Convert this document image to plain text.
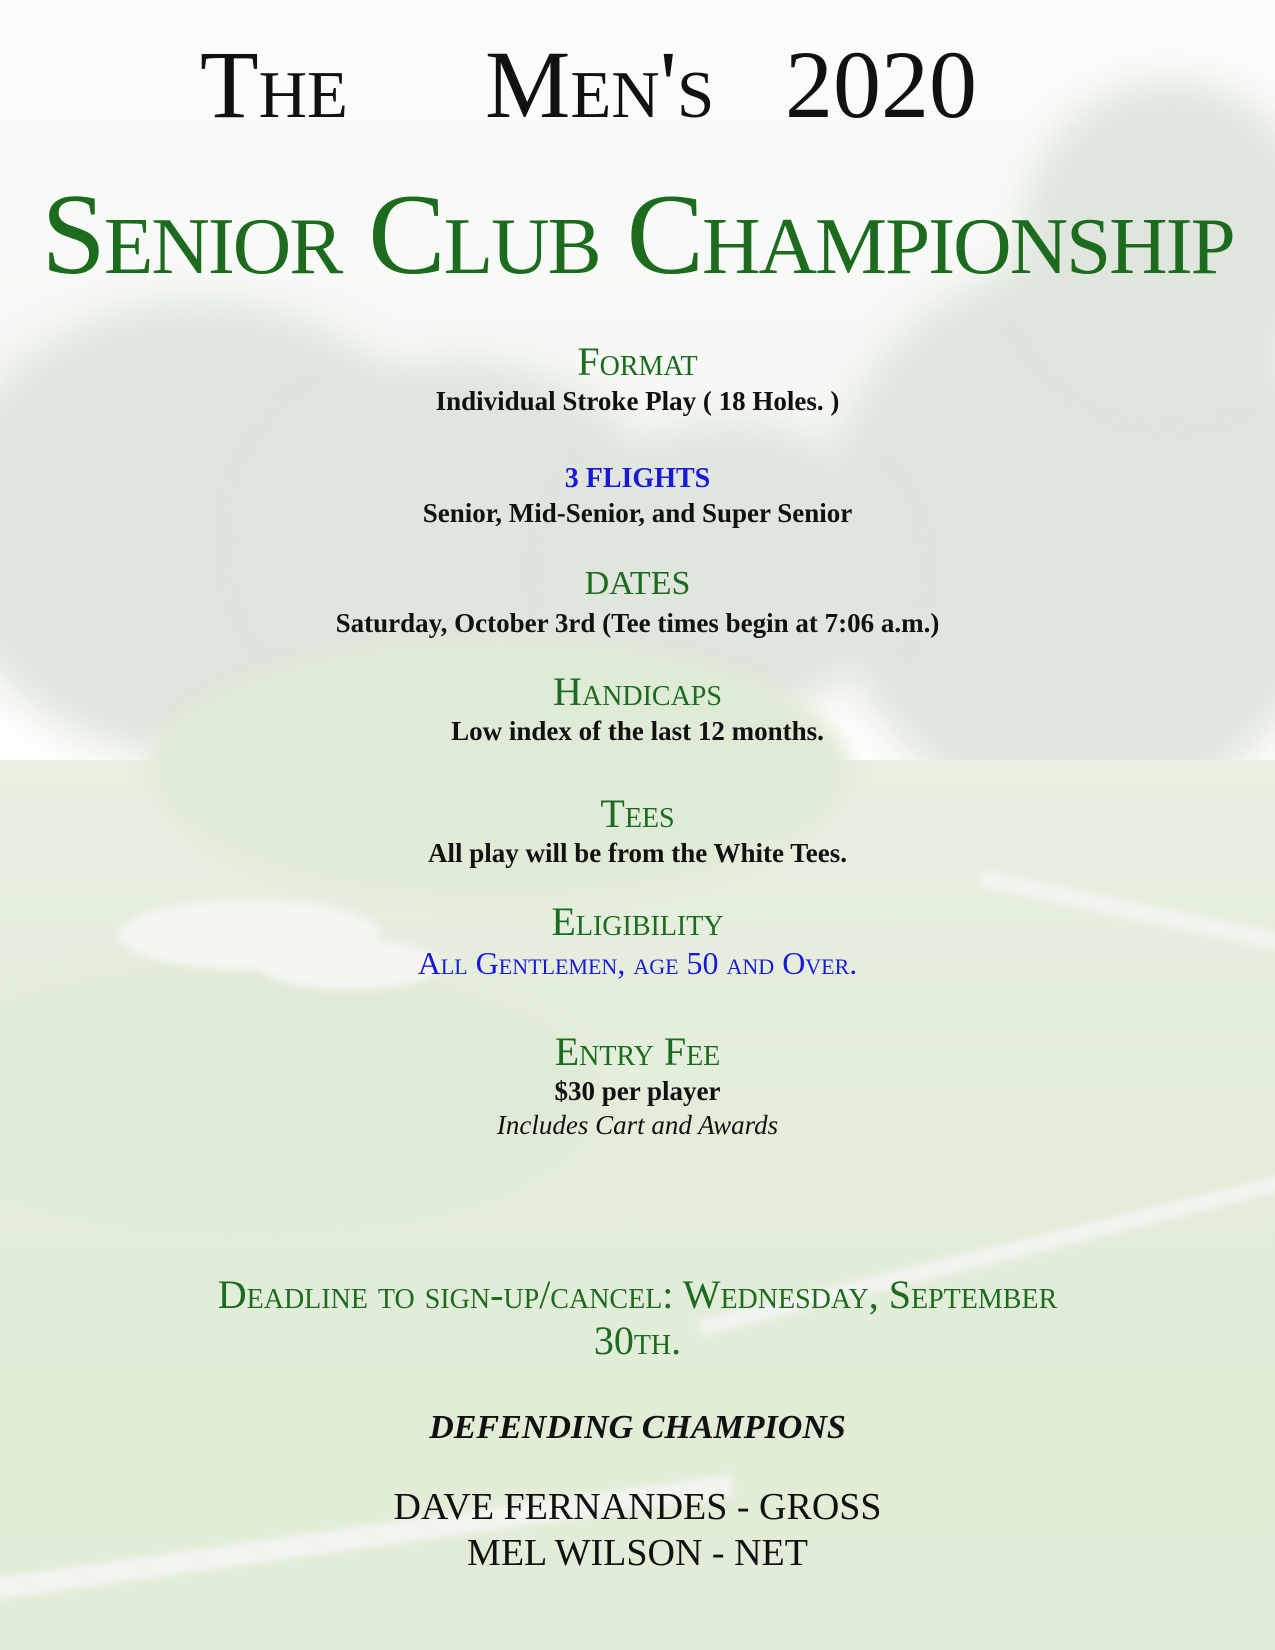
The Men's 2020
Senior Club Championship
Format
Individual Stroke Play ( 18 Holes. )
3 FLIGHTS
Senior, Mid-Senior, and Super Senior
DATES
Saturday, October 3rd (Tee times begin at 7:06 a.m.)
Handicaps
Low index of the last 12 months.
Tees
All play will be from the White Tees.
Eligibility
All Gentlemen, age 50 and Over.
Entry Fee
$30 per player
Includes Cart and Awards
Deadline to sign-up/cancel: Wednesday, September
30th.
DEFENDING CHAMPIONS
DAVE FERNANDES - GROSS
MEL WILSON - NET
